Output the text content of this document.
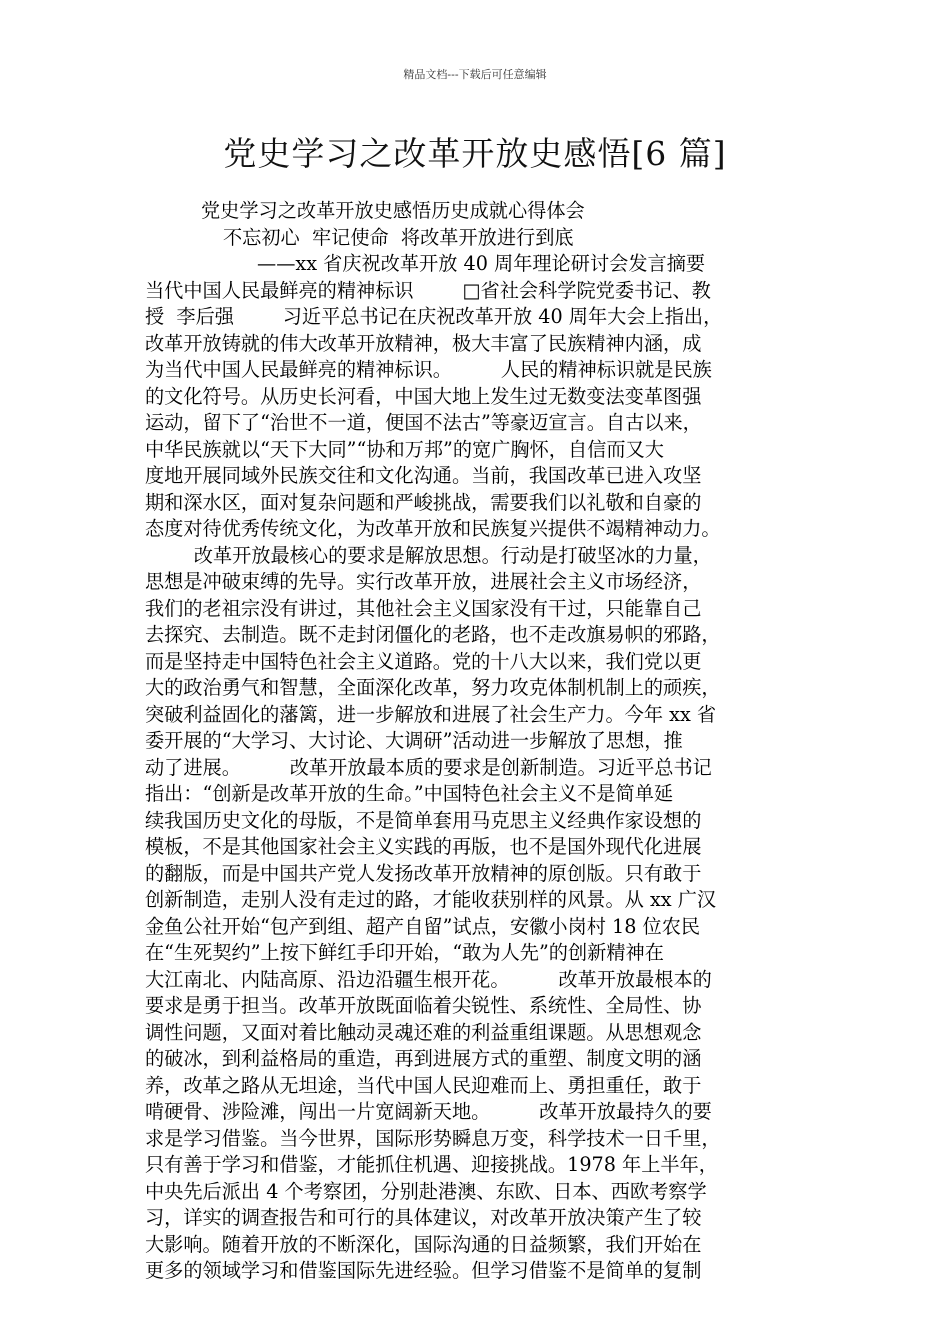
精品文档---下载后可任意编辑
党史学习之改革开放史感悟[6 篇]
党史学习之改革开放史感悟历史成就心得体会
不忘初心  牢记使命  将改革开放进行到底
——xx 省庆祝改革开放 40 周年理论研讨会发言摘要
当代中国人民最鲜亮的精神标识        □省社会科学院党委书记、教
授  李后强        习近平总书记在庆祝改革开放 40 周年大会上指出，
改革开放铸就的伟大改革开放精神，极大丰富了民族精神内涵，成
为当代中国人民最鲜亮的精神标识。        人民的精神标识就是民族
的文化符号。从历史长河看，中国大地上发生过无数变法变革图强
运动，留下了“治世不一道，便国不法古”等豪迈宣言。自古以来，
中华民族就以“天下大同”“协和万邦”的宽广胸怀，自信而又大
度地开展同域外民族交往和文化沟通。当前，我国改革已进入攻坚
期和深水区，面对复杂问题和严峻挑战，需要我们以礼敬和自豪的
态度对待优秀传统文化，为改革开放和民族复兴提供不竭精神动力。
改革开放最核心的要求是解放思想。行动是打破坚冰的力量，
思想是冲破束缚的先导。实行改革开放，进展社会主义市场经济，
我们的老祖宗没有讲过，其他社会主义国家没有干过，只能靠自己
去探究、去制造。既不走封闭僵化的老路，也不走改旗易帜的邪路，
而是坚持走中国特色社会主义道路。党的十八大以来，我们党以更
大的政治勇气和智慧，全面深化改革，努力攻克体制机制上的顽疾，
突破利益固化的藩篱，进一步解放和进展了社会生产力。今年 xx 省
委开展的“大学习、大讨论、大调研”活动进一步解放了思想，推
动了进展。        改革开放最本质的要求是创新制造。习近平总书记
指出：“创新是改革开放的生命。”中国特色社会主义不是简单延
续我国历史文化的母版，不是简单套用马克思主义经典作家设想的
模板，不是其他国家社会主义实践的再版，也不是国外现代化进展
的翻版，而是中国共产党人发扬改革开放精神的原创版。只有敢于
创新制造，走别人没有走过的路，才能收获别样的风景。从 xx 广汉
金鱼公社开始“包产到组、超产自留”试点，安徽小岗村 18 位农民
在“生死契约”上按下鲜红手印开始，“敢为人先”的创新精神在
大江南北、内陆高原、沿边沿疆生根开花。        改革开放最根本的
要求是勇于担当。改革开放既面临着尖锐性、系统性、全局性、协
调性问题，又面对着比触动灵魂还难的利益重组课题。从思想观念
的破冰，到利益格局的重造，再到进展方式的重塑、制度文明的涵
养，改革之路从无坦途，当代中国人民迎难而上、勇担重任，敢于
啃硬骨、涉险滩，闯出一片宽阔新天地。        改革开放最持久的要
求是学习借鉴。当今世界，国际形势瞬息万变，科学技术一日千里，
只有善于学习和借鉴，才能抓住机遇、迎接挑战。1978 年上半年，
中央先后派出 4 个考察团，分别赴港澳、东欧、日本、西欧考察学
习，详实的调查报告和可行的具体建议，对改革开放决策产生了较
大影响。随着开放的不断深化，国际沟通的日益频繁，我们开始在
更多的领域学习和借鉴国际先进经验。但学习借鉴不是简单的复制
